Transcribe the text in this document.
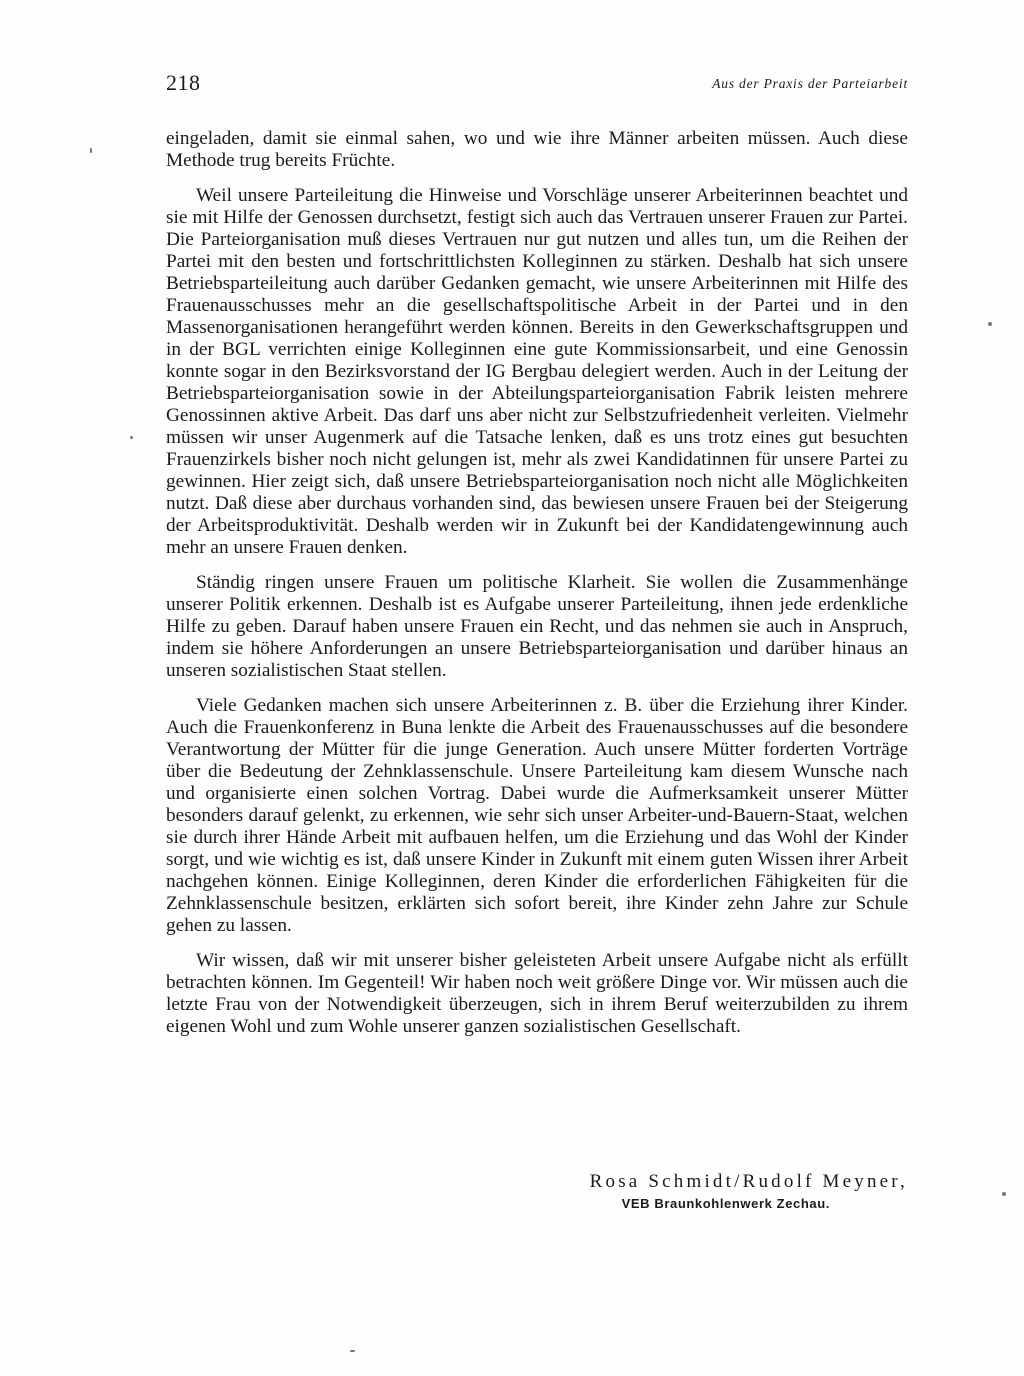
218	Aus der Praxis der Parteiarbeit

eingeladen, damit sie einmal sahen, wo und wie ihre Männer arbeiten müssen. Auch diese Methode trug bereits Früchte.

Weil unsere Parteileitung die Hinweise und Vorschläge unserer Arbeiterinnen beachtet und sie mit Hilfe der Genossen durchsetzt, festigt sich auch das Vertrauen unserer Frauen zur Partei. Die Parteiorganisation muß dieses Vertrauen nur gut nutzen und alles tun, um die Reihen der Partei mit den besten und fortschrittlichsten Kolleginnen zu stärken. Deshalb hat sich unsere Betriebsparteileitung auch darüber Gedanken gemacht, wie unsere Arbeiterinnen mit Hilfe des Frauenausschusses mehr an die gesellschaftspolitische Arbeit in der Partei und in den Massenorganisationen herangeführt werden können. Bereits in den Gewerkschaftsgruppen und in der BGL verrichten einige Kolleginnen eine gute Kommissionsarbeit, und eine Genossin konnte sogar in den Bezirksvorstand der IG Bergbau delegiert werden. Auch in der Leitung der Betriebsparteiorganisation sowie in der Abteilungsparteiorganisation Fabrik leisten mehrere Genossinnen aktive Arbeit. Das darf uns aber nicht zur Selbstzufriedenheit verleiten. Vielmehr müssen wir unser Augenmerk auf die Tatsache lenken, daß es uns trotz eines gut besuchten Frauenzirkels bisher noch nicht gelungen ist, mehr als zwei Kandidatinnen für unsere Partei zu gewinnen. Hier zeigt sich, daß unsere Betriebsparteiorganisation noch nicht alle Möglichkeiten nutzt. Daß diese aber durchaus vorhanden sind, das bewiesen unsere Frauen bei der Steigerung der Arbeitsproduktivität. Deshalb werden wir in Zukunft bei der Kandidatengewinnung auch mehr an unsere Frauen denken.

Ständig ringen unsere Frauen um politische Klarheit. Sie wollen die Zusammenhänge unserer Politik erkennen. Deshalb ist es Aufgabe unserer Parteileitung, ihnen jede erdenkliche Hilfe zu geben. Darauf haben unsere Frauen ein Recht, und das nehmen sie auch in Anspruch, indem sie höhere Anforderungen an unsere Betriebsparteiorganisation und darüber hinaus an unseren sozialistischen Staat stellen.

Viele Gedanken machen sich unsere Arbeiterinnen z. B. über die Erziehung ihrer Kinder. Auch die Frauenkonferenz in Buna lenkte die Arbeit des Frauenausschusses auf die besondere Verantwortung der Mütter für die junge Generation. Auch unsere Mütter forderten Vorträge über die Bedeutung der Zehnklassenschule. Unsere Parteileitung kam diesem Wunsche nach und organisierte einen solchen Vortrag. Dabei wurde die Aufmerksamkeit unserer Mütter besonders darauf gelenkt, zu erkennen, wie sehr sich unser Arbeiter-und-Bauern-Staat, welchen sie durch ihrer Hände Arbeit mit aufbauen helfen, um die Erziehung und das Wohl der Kinder sorgt, und wie wichtig es ist, daß unsere Kinder in Zukunft mit einem guten Wissen ihrer Arbeit nachgehen können. Einige Kolleginnen, deren Kinder die erforderlichen Fähigkeiten für die Zehnklassenschule besitzen, erklärten sich sofort bereit, ihre Kinder zehn Jahre zur Schule gehen zu lassen.

Wir wissen, daß wir mit unserer bisher geleisteten Arbeit unsere Aufgabe nicht als erfüllt betrachten können. Im Gegenteil! Wir haben noch weit größere Dinge vor. Wir müssen auch die letzte Frau von der Notwendigkeit überzeugen, sich in ihrem Beruf weiterzubilden zu ihrem eigenen Wohl und zum Wohle unserer ganzen sozialistischen Gesellschaft.

Rosa Schmidt/Rudolf Meyner,
VEB Braunkohlenwerk Zechau.
